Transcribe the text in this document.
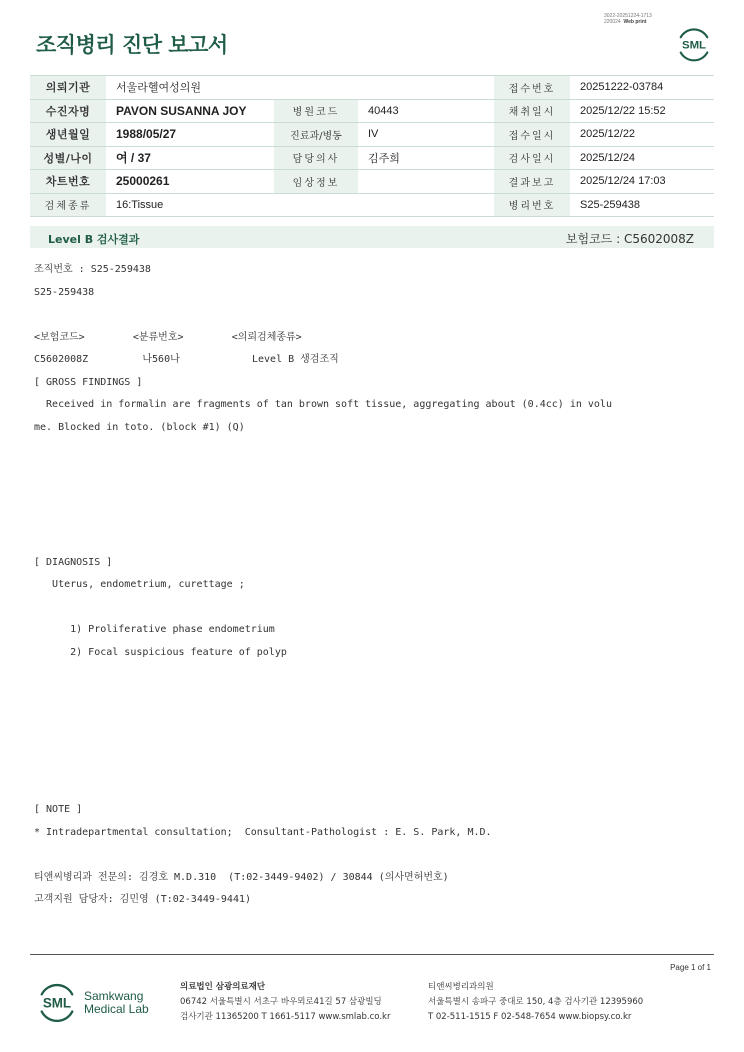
3022-20251224-1713
220024 Web print
조직병리 진단 보고서	SML
의뢰기관	서울라헬여성의원			접수번호	20251222-03784
수진자명	PAVON SUSANNA JOY	병원코드	40443	채취일시	2025/12/22 15:52
생년월일	1988/05/27	진료과/병동	IV	접수일시	2025/12/22
성별/나이	여 / 37	담당의사	김주희	검사일시	2025/12/24
차트번호	25000261	임상정보		결과보고	2025/12/24 17:03
검체종류	16:Tissue			병리번호	S25-259438
Level B 검사결과	보험코드 : C5602008Z
조직번호 : S25-259438
S25-259438

<보험코드>        <분류번호>        <의뢰검체종류>
C5602008Z         나560나            Level B 생검조직
[ GROSS FINDINGS ]
Received in formalin are fragments of tan brown soft tissue, aggregating about (0.4cc) in volu
me. Blocked in toto. (block #1) (Q)

[ DIAGNOSIS ]
Uterus, endometrium, curettage ;

1) Proliferative phase endometrium
2) Focal suspicious feature of polyp

[ NOTE ]
* Intradepartmental consultation;  Consultant-Pathologist : E. S. Park, M.D.

티앤씨병리과 전문의: 김경호 M.D.310  (T:02-3449-9402) / 30844 (의사면허번호)
고객지원 담당자: 김민영 (T:02-3449-9441)
Page 1 of 1
SML Samkwang
Medical Lab
의료법인 삼광의료재단
06742 서울특별시 서초구 바우뫼로41길 57 삼광빌딩
검사기관 11365200 T 1661-5117 www.smlab.co.kr
티앤씨병리과의원
서울특별시 송파구 중대로 150, 4층 검사기관 12395960
T 02-511-1515 F 02-548-7654 www.biopsy.co.kr
